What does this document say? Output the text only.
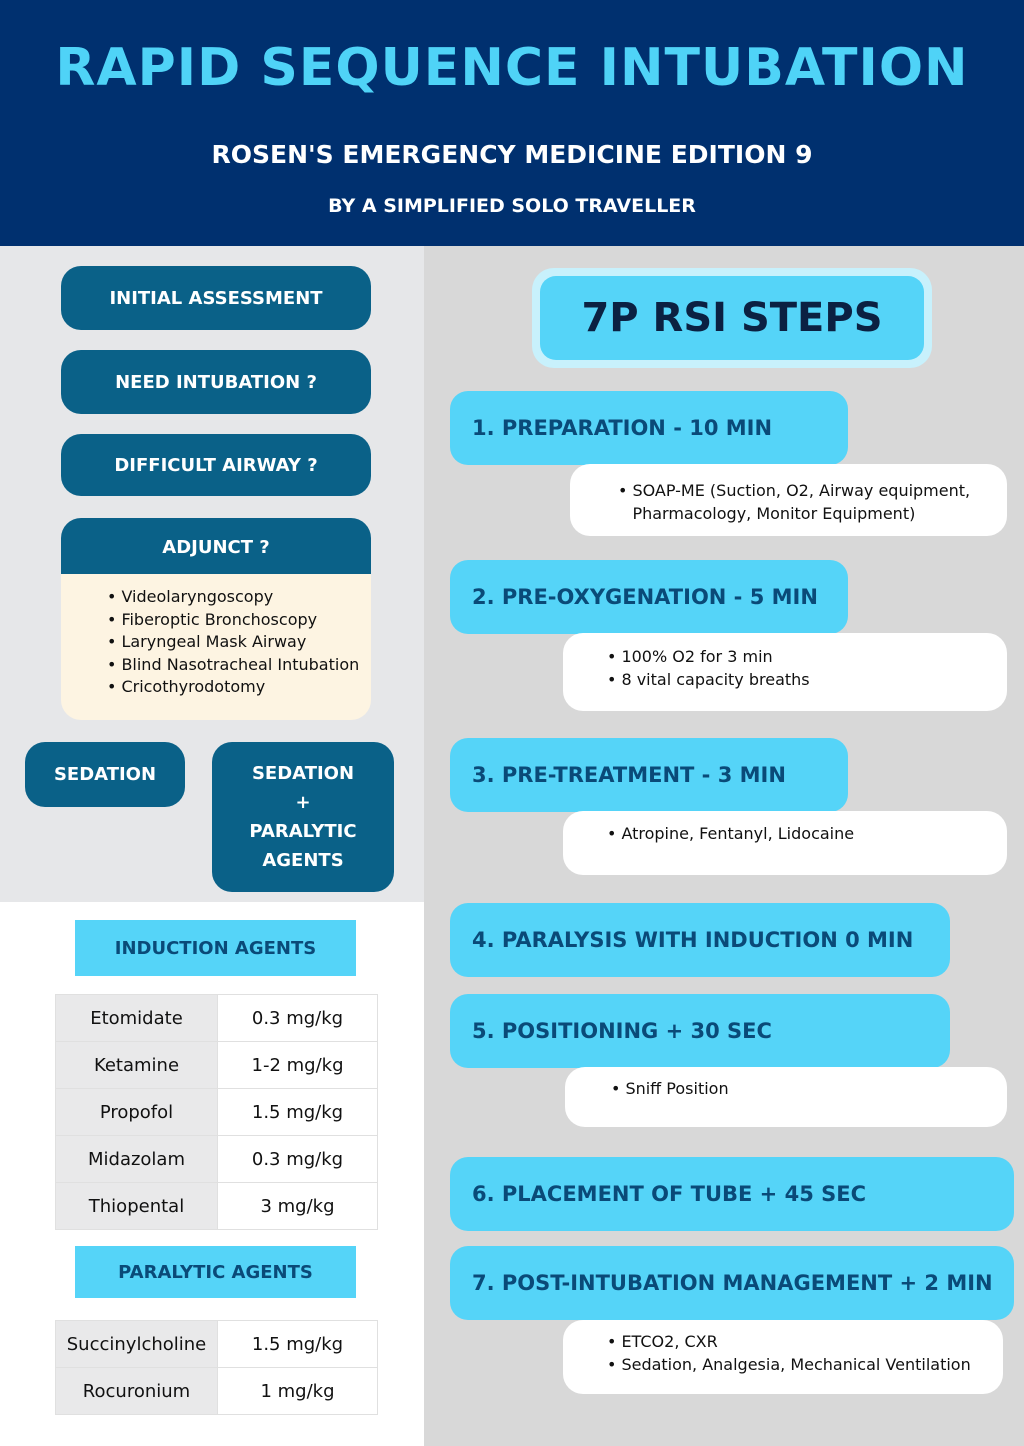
RAPID SEQUENCE INTUBATION
ROSEN'S EMERGENCY MEDICINE EDITION 9
BY A SIMPLIFIED SOLO TRAVELLER
INITIAL ASSESSMENT
NEED INTUBATION ?
DIFFICULT AIRWAY ?
ADJUNCT ?
• Videolaryngoscopy
• Fiberoptic Bronchoscopy
• Laryngeal Mask Airway
• Blind Nasotracheal Intubation
• Cricothyrodotomy
SEDATION	SEDATION
+
PARALYTIC
AGENTS
INDUCTION AGENTS
Etomidate	0.3 mg/kg
Ketamine	1-2 mg/kg
Propofol	1.5 mg/kg
Midazolam	0.3 mg/kg
Thiopental	3 mg/kg
PARALYTIC AGENTS
Succinylcholine	1.5 mg/kg
Rocuronium	1 mg/kg
7P RSI STEPS
1. PREPARATION - 10 MIN
• SOAP-ME (Suction, O2, Airway equipment, Pharmacology, Monitor Equipment)
2. PRE-OXYGENATION - 5 MIN
• 100% O2 for 3 min
• 8 vital capacity breaths
3. PRE-TREATMENT - 3 MIN
• Atropine, Fentanyl, Lidocaine
4. PARALYSIS WITH INDUCTION 0 MIN
5. POSITIONING + 30 SEC
• Sniff Position
6. PLACEMENT OF TUBE + 45 SEC
7. POST-INTUBATION MANAGEMENT + 2 MIN
• ETCO2, CXR
• Sedation, Analgesia, Mechanical Ventilation
